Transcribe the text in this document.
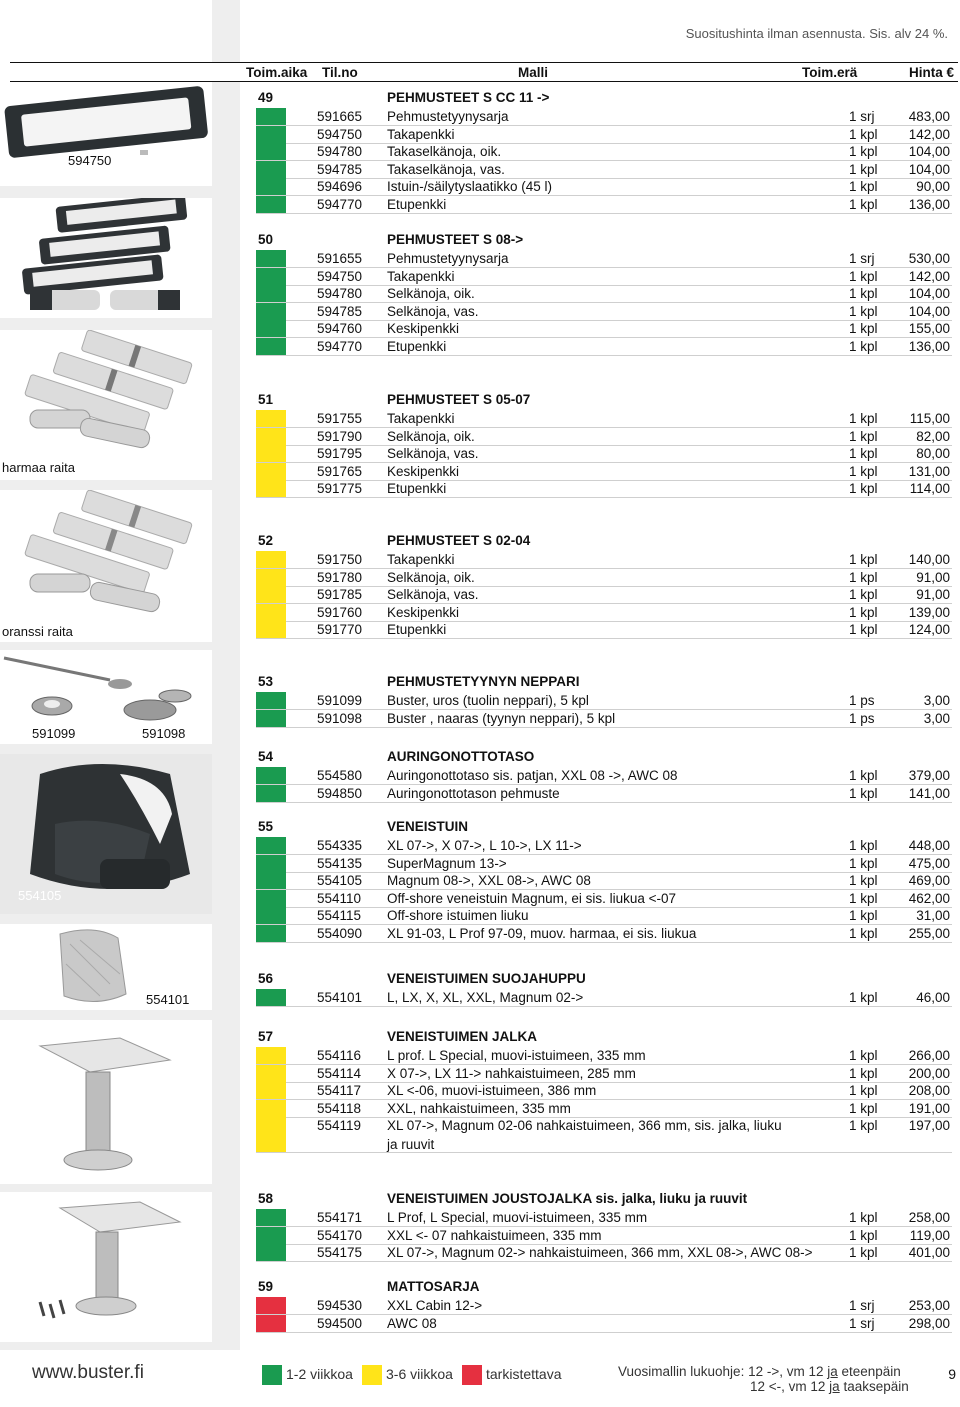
594750
harmaa raita
oranssi raita
591099	591098
554105
554101
Suositushinta ilman asennusta. Sis. alv 24 %.
Toim.aika Til.no	Malli	Toim.erä	Hinta €
49	PEHMUSTEET S CC 11 ->
591665 Pehmustetyynysarja	1 srj	483,00
594750 Takapenkki	1 kpl 142,00
594780 Takaselkänoja, oik.	1 kpl 104,00
594785 Takaselkänoja, vas.	1 kpl 104,00
594696 Istuin-/säilytyslaatikko (45 l)	1 kpl	90,00
594770 Etupenkki	1 kpl 136,00
50	PEHMUSTEET S 08->
591655 Pehmustetyynysarja	1 srj	530,00
594750 Takapenkki	1 kpl 142,00
594780 Selkänoja, oik.	1 kpl 104,00
594785 Selkänoja, vas.	1 kpl 104,00
594760 Keskipenkki	1 kpl 155,00
594770 Etupenkki	1 kpl 136,00
51	PEHMUSTEET S 05-07
591755 Takapenkki	1 kpl 115,00
591790 Selkänoja, oik.	1 kpl	82,00
591795 Selkänoja, vas.	1 kpl	80,00
591765 Keskipenkki	1 kpl 131,00
591775 Etupenkki	1 kpl 114,00
52	PEHMUSTEET S 02-04
591750 Takapenkki	1 kpl 140,00
591780 Selkänoja, oik.	1 kpl	91,00
591785 Selkänoja, vas.	1 kpl	91,00
591760 Keskipenkki	1 kpl 139,00
591770 Etupenkki	1 kpl 124,00
53	PEHMUSTETYYNYN NEPPARI
591099 Buster, uros (tuolin neppari), 5 kpl	1 ps	3,00
591098 Buster , naaras (tyynyn neppari), 5 kpl	1 ps	3,00
54	AURINGONOTTOTASO
554580 Auringonottotaso sis. patjan, XXL 08 ->, AWC 08	1 kpl 379,00
594850 Auringonottotason pehmuste	1 kpl 141,00
55	VENEISTUIN
554335 XL 07->, X 07->, L 10->, LX 11->	1 kpl 448,00
554135 SuperMagnum 13->	1 kpl 475,00
554105 Magnum 08->, XXL 08->, AWC 08	1 kpl 469,00
554110 Off-shore veneistuin Magnum, ei sis. liukua <-07	1 kpl 462,00
554115 Off-shore istuimen liuku	1 kpl	31,00
554090 XL 91-03, L Prof 97-09, muov. harmaa, ei sis. liukua	1 kpl 255,00
56	VENEISTUIMEN SUOJAHUPPU
554101 L, LX, X, XL, XXL, Magnum 02->	1 kpl	46,00
57	VENEISTUIMEN JALKA
554116 L prof. L Special, muovi-istuimeen, 335 mm	1 kpl 266,00
554114 X 07->, LX 11-> nahkaistuimeen, 285 mm	1 kpl 200,00
554117 XL <-06, muovi-istuimeen, 386 mm	1 kpl 208,00
554118 XXL, nahkaistuimeen, 335 mm	1 kpl 191,00
554119 XL 07->, Magnum 02-06 nahkaistuimeen, 366 mm, sis. jalka, liuku	1 kpl 197,00
ja ruuvit
58	VENEISTUIMEN JOUSTOJALKA sis. jalka, liuku ja ruuvit
554171 L Prof, L Special, muovi-istuimeen, 335 mm	1 kpl 258,00
554170 XXL <- 07 nahkaistuimeen, 335 mm	1 kpl 119,00
554175 XL 07->, Magnum 02-> nahkaistuimeen, 366 mm, XXL 08->, AWC 08->	1 kpl 401,00
59	MATTOSARJA
594530 XXL Cabin 12->	1 srj	253,00
594500 AWC 08	1 srj	298,00
www.buster.fi	1-2 viikkoa 3-6 viikkoa tarkistettava	Vuosimallin lukuohje: 12 ->, vm 12 ja eteenpäin
12 <-, vm 12 ja taaksepäin
9
